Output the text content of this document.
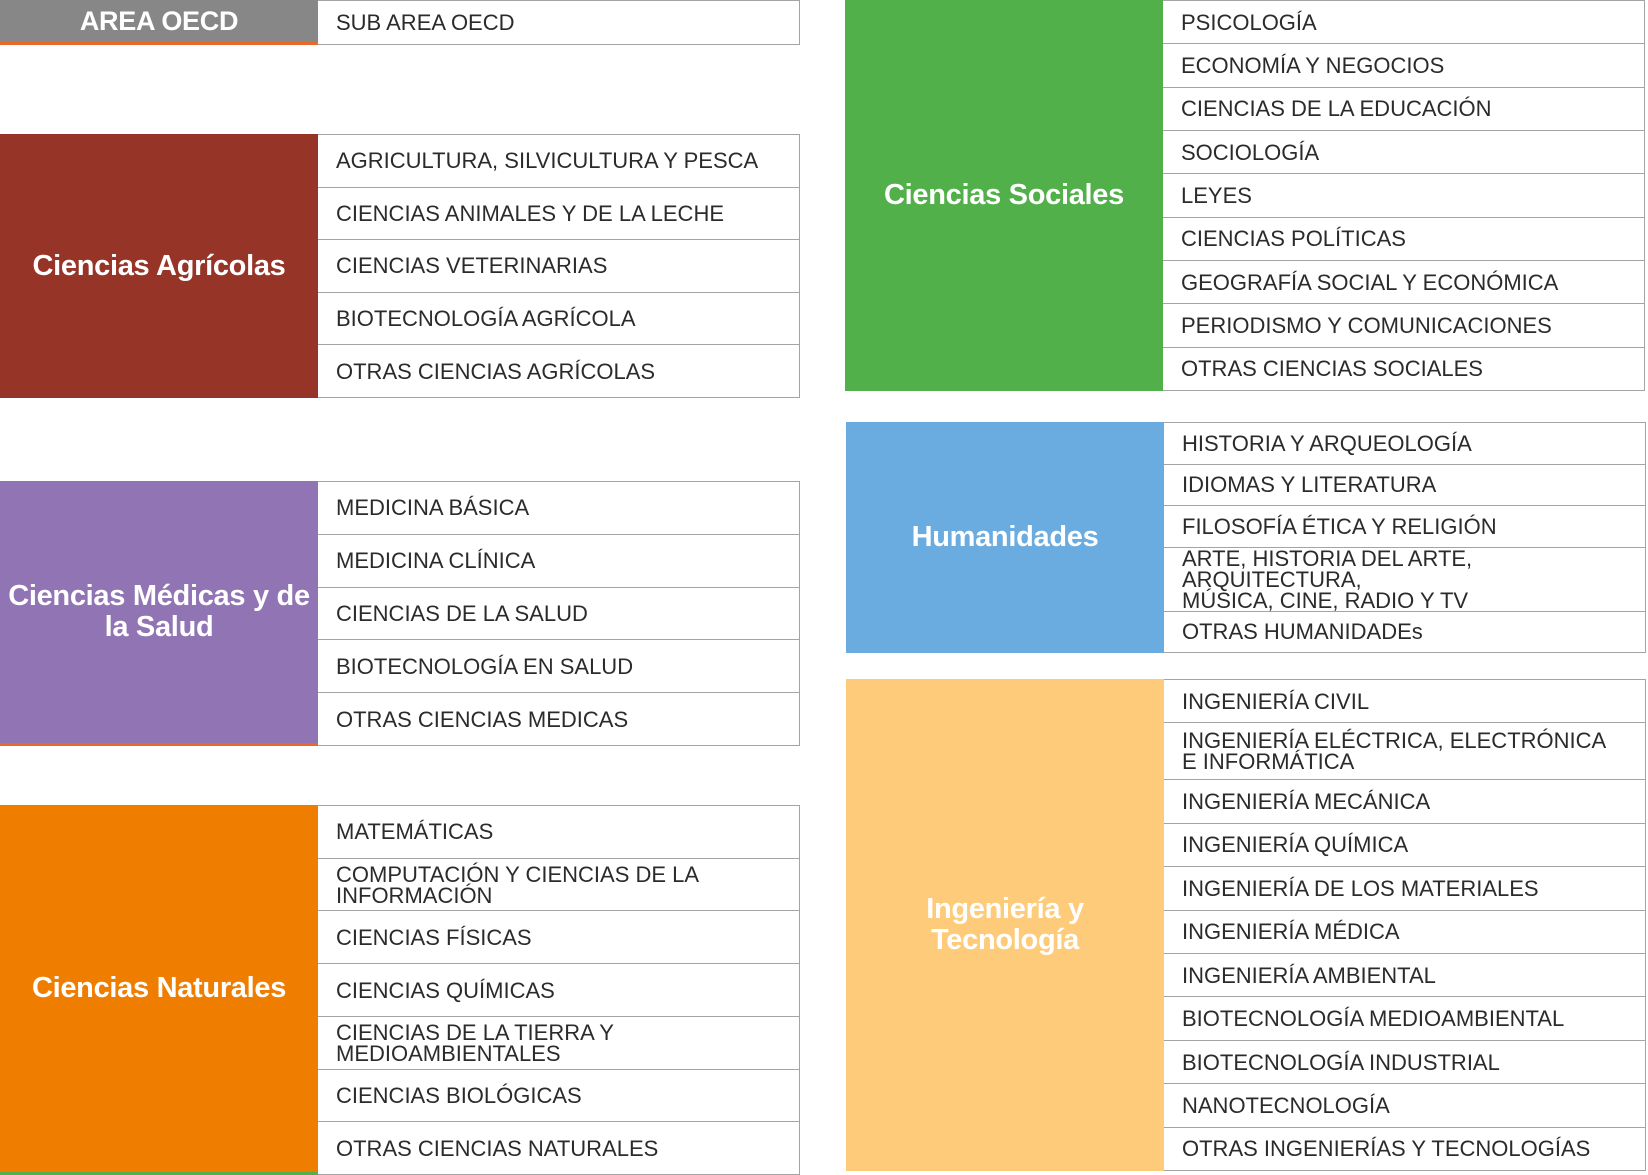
AREA OECD	SUB AREA OECD
Ciencias Agrícolas
AGRICULTURA, SILVICULTURA Y PESCA
CIENCIAS ANIMALES Y DE LA LECHE
CIENCIAS VETERINARIAS
BIOTECNOLOGÍA AGRÍCOLA
OTRAS CIENCIAS AGRÍCOLAS
Ciencias Médicas y de la Salud
MEDICINA BÁSICA
MEDICINA CLÍNICA
CIENCIAS DE LA SALUD
BIOTECNOLOGÍA EN SALUD
OTRAS CIENCIAS MEDICAS
Ciencias Naturales
MATEMÁTICAS
COMPUTACIÓN Y CIENCIAS DE LA INFORMACIÓN
CIENCIAS FÍSICAS
CIENCIAS QUÍMICAS
CIENCIAS DE LA TIERRA Y MEDIOAMBIENTALES
CIENCIAS BIOLÓGICAS
OTRAS CIENCIAS NATURALES
Ciencias Sociales
PSICOLOGÍA
ECONOMÍA Y NEGOCIOS
CIENCIAS DE LA EDUCACIÓN
SOCIOLOGÍA
LEYES
CIENCIAS POLÍTICAS
GEOGRAFÍA SOCIAL Y ECONÓMICA
PERIODISMO Y COMUNICACIONES
OTRAS CIENCIAS SOCIALES
Humanidades
HISTORIA Y ARQUEOLOGÍA
IDIOMAS Y LITERATURA
FILOSOFÍA ÉTICA Y RELIGIÓN
ARTE, HISTORIA DEL ARTE, ARQUITECTURA,
MÚSICA, CINE, RADIO Y TV
OTRAS HUMANIDADEs
Ingeniería y Tecnología
INGENIERÍA CIVIL
INGENIERÍA ELÉCTRICA, ELECTRÓNICA
E INFORMÁTICA
INGENIERÍA MECÁNICA
INGENIERÍA QUÍMICA
INGENIERÍA DE LOS MATERIALES
INGENIERÍA MÉDICA
INGENIERÍA AMBIENTAL
BIOTECNOLOGÍA MEDIOAMBIENTAL
BIOTECNOLOGÍA INDUSTRIAL
NANOTECNOLOGÍA
OTRAS INGENIERÍAS Y TECNOLOGÍAS
